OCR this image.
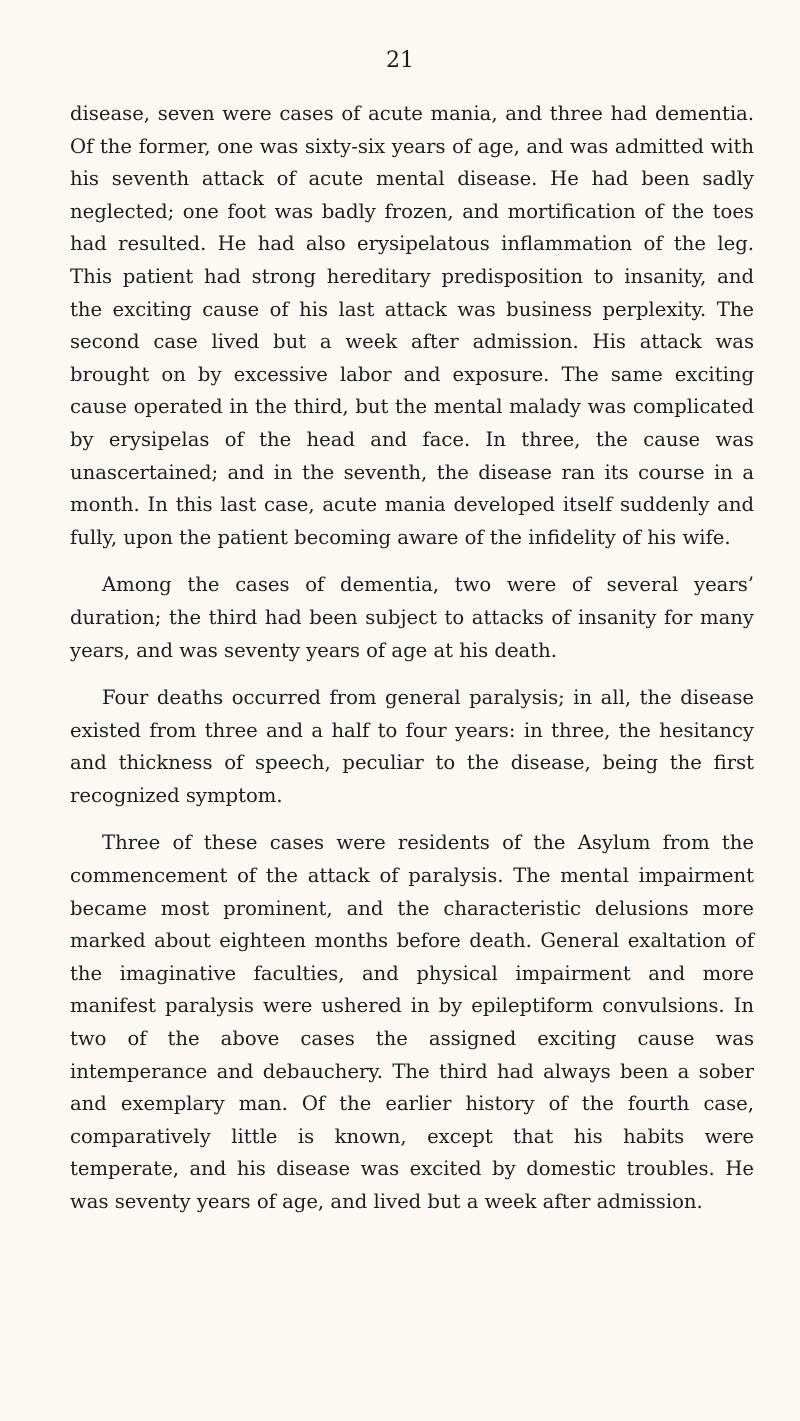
21

disease, seven were cases of acute mania, and three had dementia. Of the former, one was sixty-six years of age, and was admitted with his seventh attack of acute mental disease. He had been sadly neglected; one foot was badly frozen, and mortification of the toes had resulted. He had also erysipelatous inflammation of the leg. This patient had strong hereditary predisposition to insanity, and the exciting cause of his last attack was business perplexity. The second case lived but a week after admission. His attack was brought on by excessive labor and exposure. The same exciting cause operated in the third, but the mental malady was complicated by erysipelas of the head and face. In three, the cause was unascertained; and in the seventh, the disease ran its course in a month. In this last case, acute mania developed itself suddenly and fully, upon the patient becoming aware of the infidelity of his wife.

Among the cases of dementia, two were of several years’ duration; the third had been subject to attacks of insanity for many years, and was seventy years of age at his death.

Four deaths occurred from general paralysis; in all, the disease existed from three and a half to four years: in three, the hesitancy and thickness of speech, peculiar to the disease, being the first recognized symptom.

Three of these cases were residents of the Asylum from the commencement of the attack of paralysis. The mental impairment became most prominent, and the characteristic delusions more marked about eighteen months before death. General exaltation of the imaginative faculties, and physical impairment and more manifest paralysis were ushered in by epileptiform convulsions. In two of the above cases the assigned exciting cause was intemperance and debauchery. The third had always been a sober and exemplary man. Of the earlier history of the fourth case, comparatively little is known, except that his habits were temperate, and his disease was excited by domestic troubles. He was seventy years of age, and lived but a week after admission.
